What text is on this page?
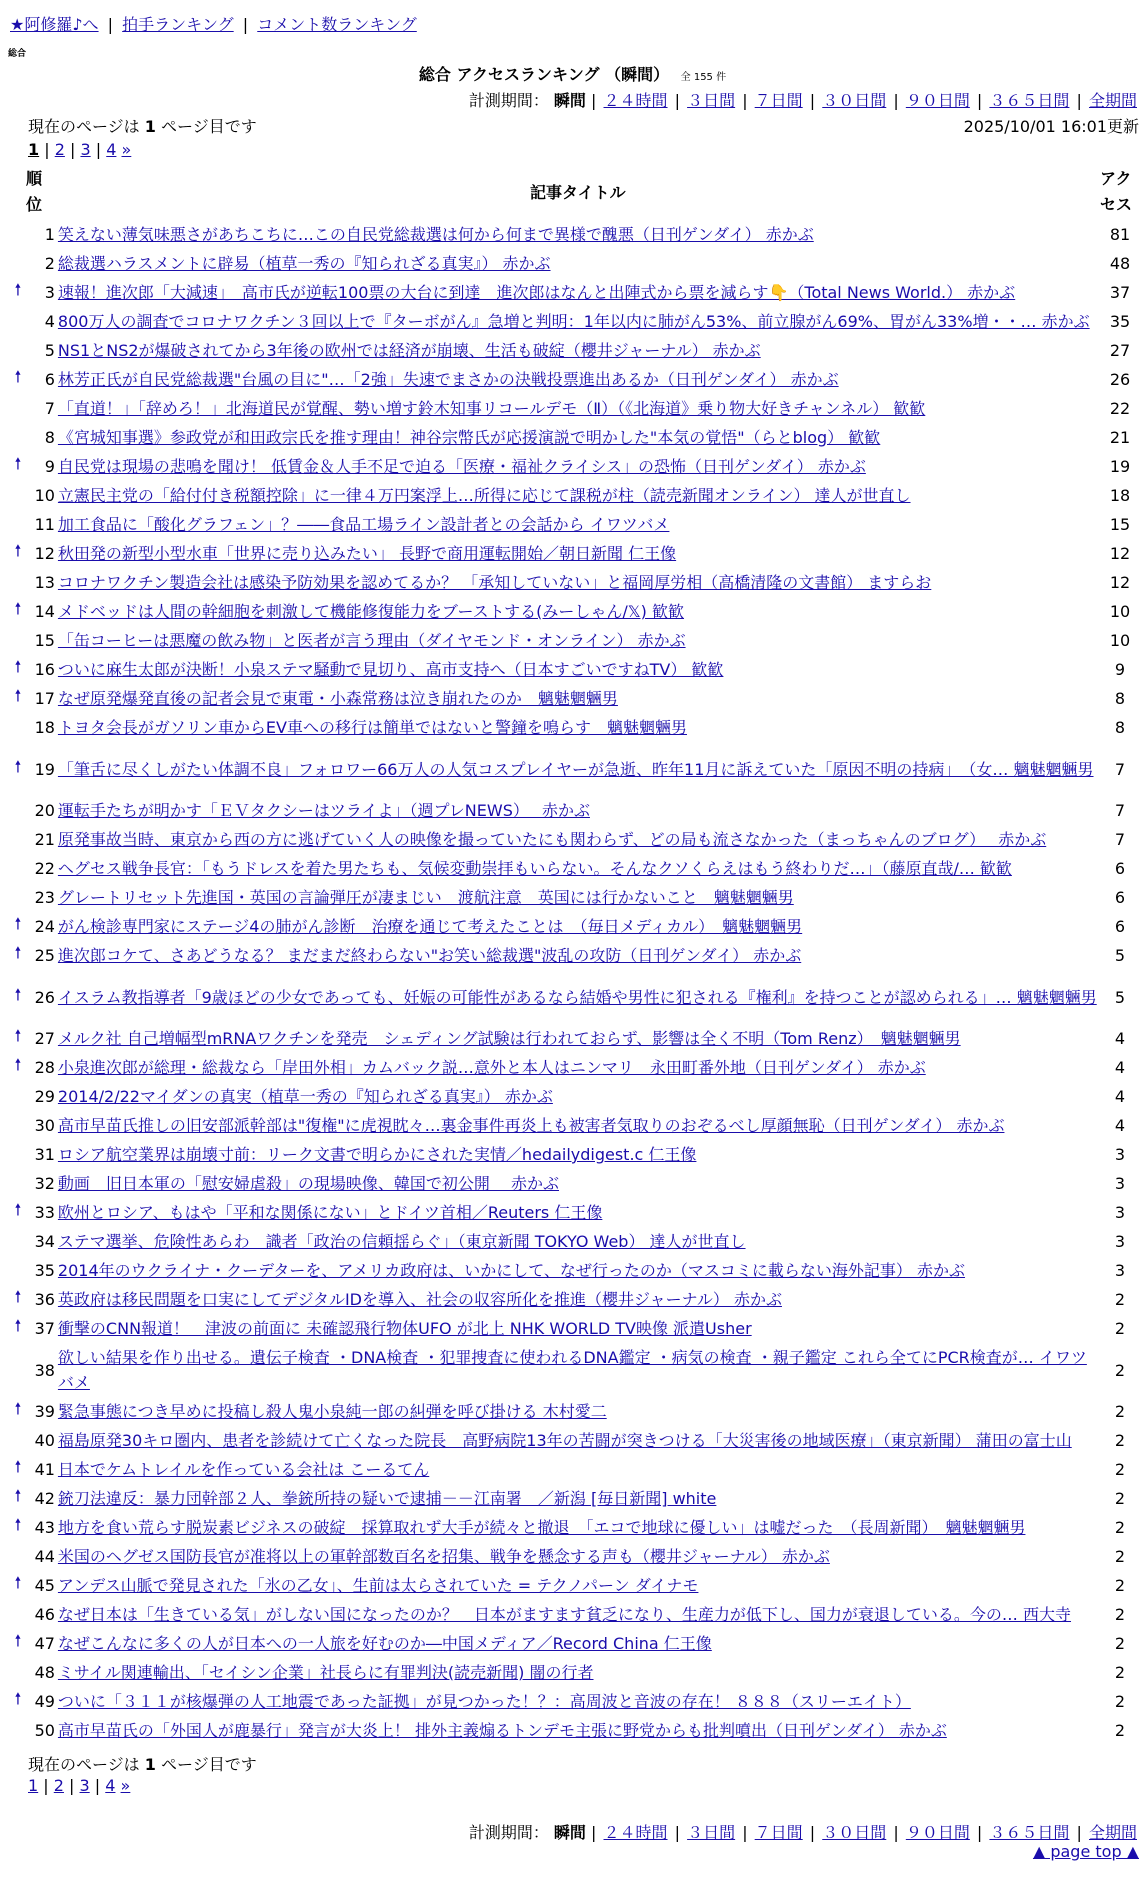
★阿修羅♪へ | 拍手ランキング | コメント数ランキング
総合
総合 アクセスランキング （瞬間） 全 155 件
計測期間： 瞬間 | ２４時間 | ３日間 | ７日間 | ３０日間 | ９０日間 | ３６５日間 | 全期間
現在のページは 1 ページ目です	2025/10/01 16:01更新
1 | 2 | 3 | 4 »
順位
記事タイトル
アクセス
	1	笑えない薄気味悪さがあちこちに…この自民党総裁選は何から何まで異様で醜悪（日刊ゲンダイ） 赤かぶ	81
	2	総裁選ハラスメントに辟易（植草一秀の『知られざる真実』） 赤かぶ	48
🠕	3	速報！進次郎「大減速」　高市氏が逆転100票の大台に到達　進次郎はなんと出陣式から票を減らす👇（Total News World.） 赤かぶ	37
	4	800万人の調査でコロナワクチン３回以上で『ターボがん』急増と判明：1年以内に肺がん53%、前立腺がん69%、胃がん33%増・・… 赤かぶ	35
	5	NS1とNS2が爆破されてから3年後の欧州では経済が崩壊、生活も破綻（櫻井ジャーナル） 赤かぶ	27
🠕	6	林芳正氏が自民党総裁選"台風の目に"…「2強」失速でまさかの決戦投票進出あるか（日刊ゲンダイ） 赤かぶ	26
	7	「直道！」「辞めろ！」北海道民が覚醒、勢い増す鈴木知事リコールデモ（Ⅱ）（《北海道》乗り物大好きチャンネル） 歓歓	22
	8	《宮城知事選》参政党が和田政宗氏を推す理由！神谷宗幣氏が応援演説で明かした"本気の覚悟"（らとblog） 歓歓	21
🠕	9	自民党は現場の悲鳴を聞け！ 低賃金＆人手不足で迫る「医療・福祉クライシス」の恐怖（日刊ゲンダイ） 赤かぶ	19
	10	立憲民主党の「給付付き税額控除」に一律４万円案浮上…所得に応じて課税が柱（読売新聞オンライン） 達人が世直し	18
	11	加工食品に「酸化グラフェン」？――食品工場ライン設計者との会話から イワツバメ	15
🠕	12	秋田発の新型小型水車「世界に売り込みたい」 長野で商用運転開始／朝日新聞 仁王像	12
	13	コロナワクチン製造会社は感染予防効果を認めてるか？ 「承知していない」と福岡厚労相（高橋清隆の文書館） ますらお	12
🠕	14	メドベッドは人間の幹細胞を刺激して機能修復能力をブーストする(みーしゃん/𝕏) 歓歓	10
	15	「缶コーヒーは悪魔の飲み物」と医者が言う理由（ダイヤモンド・オンライン） 赤かぶ	10
🠕	16	ついに麻生太郎が決断！小泉ステマ騒動で見切り、高市支持へ（日本すごいですねTV） 歓歓	9
🠕	17	なぜ原発爆発直後の記者会見で東電・小森常務は泣き崩れたのか　魑魅魍魎男	8
	18	トヨタ会長がガソリン車からEV車への移行は簡単ではないと警鐘を鳴らす　魑魅魍魎男	8
🠕	19	「筆舌に尽くしがたい体調不良」フォロワー66万人の人気コスプレイヤーが急逝、昨年11月に訴えていた「原因不明の持病」　（女… 魑魅魍魎男	7
	20	運転手たちが明かす「ＥＶタクシーはツライよ」（週プレNEWS）　 赤かぶ	7
	21	原発事故当時、東京から西の方に逃げていく人の映像を撮っていたにも関わらず、どの局も流さなかった（まっちゃんのブログ）　 赤かぶ	7
	22	ヘグセス戦争長官：「もうドレスを着た男たちも、気候変動崇拝もいらない。そんなクソくらえはもう終わりだ…」（藤原直哉/… 歓歓	6
	23	グレートリセット先進国・英国の言論弾圧が凄まじい　渡航注意　英国には行かないこと　魑魅魍魎男	6
🠕	24	がん検診専門家にステージ4の肺がん診断　治療を通じて考えたことは　（毎日メディカル）　魑魅魍魎男	6
🠕	25	進次郎コケて、さあどうなる？ まだまだ終わらない"お笑い総裁選"波乱の攻防（日刊ゲンダイ） 赤かぶ	5
🠕	26	イスラム教指導者「9歳ほどの少女であっても、妊娠の可能性があるなら結婚や男性に犯される『権利』を持つことが認められる」… 魑魅魍魎男	5
🠕	27	メルク社 自己増幅型mRNAワクチンを発売　シェディング試験は行われておらず、影響は全く不明（Tom Renz）　魑魅魍魎男	4
🠕	28	小泉進次郎が総理・総裁なら「岸田外相」カムバック説…意外と本人はニンマリ　永田町番外地（日刊ゲンダイ） 赤かぶ	4
	29	2014/2/22マイダンの真実（植草一秀の『知られざる真実』） 赤かぶ	4
	30	高市早苗氏推しの旧安部派幹部は"復権"に虎視眈々…裏金事件再炎上も被害者気取りのおぞるべし厚顔無恥（日刊ゲンダイ） 赤かぶ	4
	31	ロシア航空業界は崩壊寸前：リーク文書で明らかにされた実情／hedailydigest.c 仁王像	3
	32	動画　旧日本軍の「慰安婦虐殺」の現場映像、韓国で初公開　 赤かぶ	3
🠕	33	欧州とロシア、もはや「平和な関係にない」とドイツ首相／Reuters 仁王像	3
	34	ステマ選挙、危険性あらわ　識者「政治の信頼揺らぐ」（東京新聞 TOKYO Web） 達人が世直し	3
	35	2014年のウクライナ・クーデターを、アメリカ政府は、いかにして、なぜ行ったのか（マスコミに載らない海外記事） 赤かぶ	3
🠕	36	英政府は移民問題を口実にしてデジタルIDを導入、社会の収容所化を推進（櫻井ジャーナル） 赤かぶ	2
🠕	37	衝撃のCNN報道！　津波の前面に 未確認飛行物体UFO が北上 NHK WORLD TV映像 派遣Usher	2
	38	欲しい結果を作り出せる。遺伝子検査 ・DNA検査 ・犯罪捜査に使われるDNA鑑定 ・病気の検査 ・親子鑑定 これら全てにPCR検査が… イワツバメ	2
🠕	39	緊急事態につき早めに投稿し殺人鬼小泉純一郎の糾弾を呼び掛ける 木村愛二	2
	40	福島原発30キロ圏内、患者を診続けて亡くなった院長　高野病院13年の苦闘が突きつける「大災害後の地域医療」（東京新聞） 蒲田の富士山	2
🠕	41	日本でケムトレイルを作っている会社は こーるてん	2
🠕	42	銃刀法違反：暴力団幹部２人、拳銃所持の疑いで逮捕－－江南署　／新潟 [毎日新聞] white	2
🠕	43	地方を食い荒らす脱炭素ビジネスの破綻　採算取れず大手が続々と撤退　「エコで地球に優しい」は嘘だった　（長周新聞）　魑魅魍魎男	2
	44	米国のヘグゼス国防長官が准将以上の軍幹部数百名を招集、戦争を懸念する声も（櫻井ジャーナル） 赤かぶ	2
🠕	45	アンデス山脈で発見された「氷の乙女」、生前は太らされていた = テクノパーン ダイナモ	2
	46	なぜ日本は「生きている気」がしない国になったのか？　日本がますます貧乏になり、生産力が低下し、国力が衰退している。今の… 西大寺	2
🠕	47	なぜこんなに多くの人が日本への一人旅を好むのか―中国メディア／Record China 仁王像	2
	48	ミサイル関連輸出、「セイシン企業」社長らに有罪判決(読売新聞) 闇の行者	2
🠕	49	ついに「３１１が核爆弾の人工地震であった証拠」が見つかった！？：高周波と音波の存在！ ８８８（スリーエイト）	2
	50	高市早苗氏の「外国人が鹿暴行」発言が大炎上！ 排外主義煽るトンデモ主張に野党からも批判噴出（日刊ゲンダイ） 赤かぶ	2
現在のページは 1 ページ目です
1 | 2 | 3 | 4 »
計測期間： 瞬間 | ２４時間 | ３日間 | ７日間 | ３０日間 | ９０日間 | ３６５日間 | 全期間
▲ page top ▲
